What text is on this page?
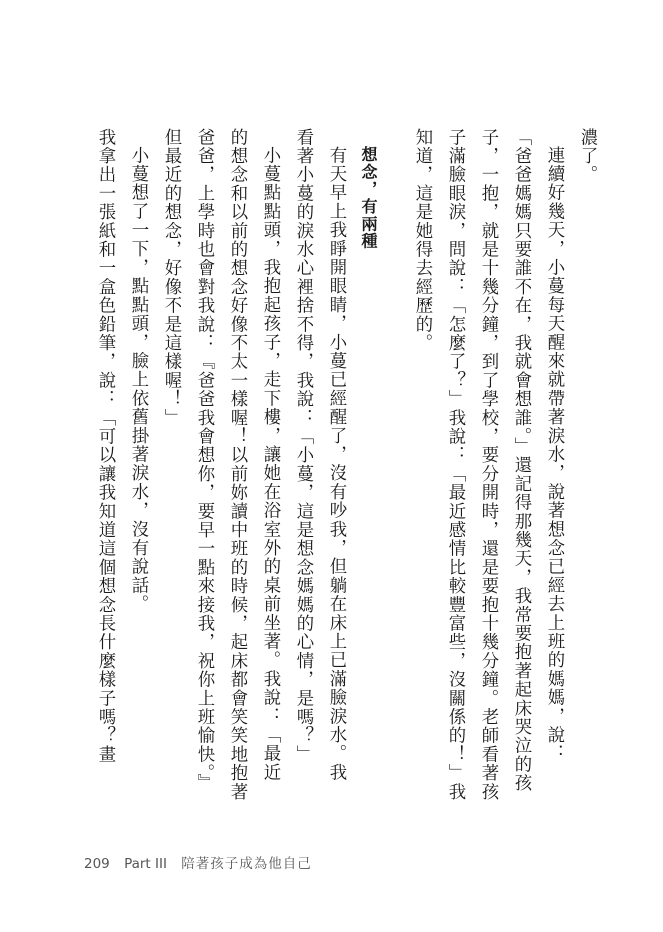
濃了。
連續好幾天，小蔓每天醒來就帶著淚水，說著想念已經去上班的媽媽，說：
「爸爸媽媽只要誰不在，我就會想誰。」還記得那幾天，我常要抱著起床哭泣的孩
子，一抱，就是十幾分鐘，到了學校，要分開時，還是要抱十幾分鐘。老師看著孩
子滿臉眼淚，問說：「怎麼了？」我說：「最近感情比較豐富些，沒關係的！」我
知道，這是她得去經歷的。
想念，有兩種
有天早上我睜開眼睛，小蔓已經醒了，沒有吵我，但躺在床上已滿臉淚水。我
看著小蔓的淚水心裡捨不得，我說：「小蔓，這是想念媽媽的心情，是嗎？」
小蔓點點頭，我抱起孩子，走下樓，讓她在浴室外的桌前坐著。我說：「最近
的想念和以前的想念好像不太一樣喔！以前妳讀中班的時候，起床都會笑笑地抱著
爸爸，上學時也會對我說：『爸爸我會想你，要早一點來接我，祝你上班愉快。』
但最近的想念，好像不是這樣喔！」
小蔓想了一下，點點頭，臉上依舊掛著淚水，沒有說話。
我拿出一張紙和一盒色鉛筆，說：「可以讓我知道這個想念長什麼樣子嗎？畫
209 Part III 陪著孩子成為他自己
